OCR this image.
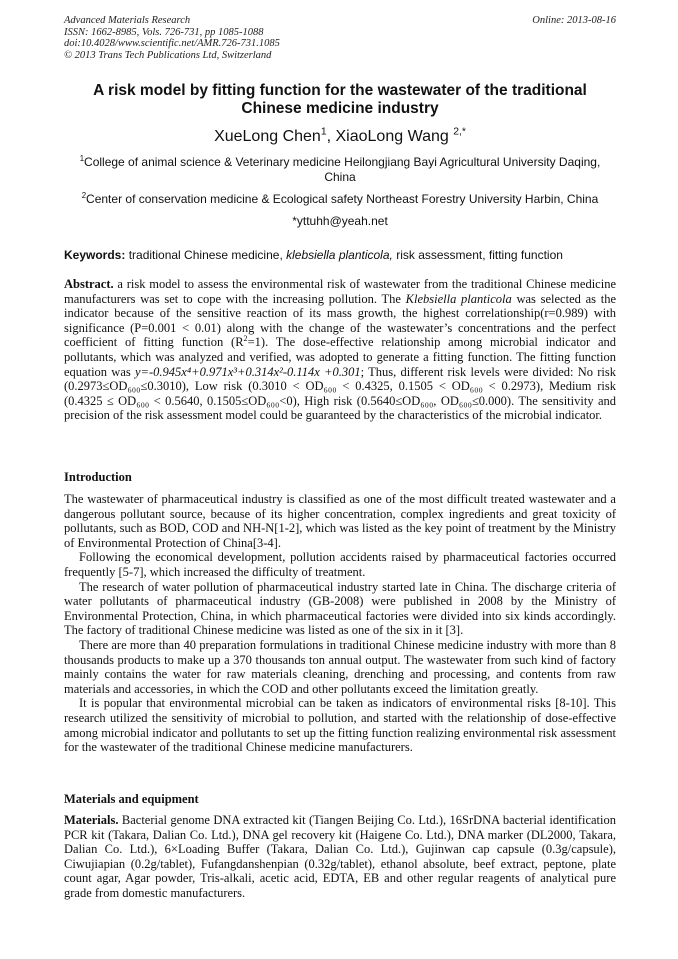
Advanced Materials Research
ISSN: 1662-8985, Vols. 726-731, pp 1085-1088
doi:10.4028/www.scientific.net/AMR.726-731.1085
© 2013 Trans Tech Publications Ltd, Switzerland
Online: 2013-08-16
A risk model by fitting function for the wastewater of the traditional
Chinese medicine industry
XueLong Chen$^1$, XiaoLong Wang $^{2,*}$
$^1$College of animal science & Veterinary medicine Heilongjiang Bayi Agricultural University Daqing,
China
$^2$Center of conservation medicine & Ecological safety Northeast Forestry University Harbin, China
*yttuhh@yeah.net
Keywords: traditional Chinese medicine, klebsiella planticola, risk assessment, fitting function

Abstract. a risk model to assess the environmental risk of wastewater from the traditional Chinese medicine manufacturers was set to cope with the increasing pollution. The Klebsiella planticola was selected as the indicator because of the sensitive reaction of its mass growth, the highest correlationship(r=0.989) with significance (P=0.001 < 0.01) along with the change of the wastewater’s concentrations and the perfect coefficient of fitting function $(R^2=1)$. The dose-effective relationship among microbial indicator and pollutants, which was analyzed and verified, was adopted to generate a fitting function. The fitting function equation was y=-0.945x⁴+0.971x³+0.314x²-0.114x +0.301; Thus, different risk levels were divided: No risk (0.2973≤OD₆₀₀≤0.3010), Low risk (0.3010 < OD₆₀₀ < 0.4325, 0.1505 < OD₆₀₀ < 0.2973), Medium risk (0.4325 ≤ OD₆₀₀ < 0.5640, 0.1505≤OD₆₀₀<0), High risk (0.5640≤OD₆₀₀, OD₆₀₀≤0.000). The sensitivity and precision of the risk assessment model could be guaranteed by the characteristics of the microbial indicator.

Introduction

The wastewater of pharmaceutical industry is classified as one of the most difficult treated wastewater and a dangerous pollutant source, because of its higher concentration, complex ingredients and great toxicity of pollutants, such as BOD, COD and NH-N[1-2], which was listed as the key point of treatment by the Ministry of Environmental Protection of China[3-4].

Following the economical development, pollution accidents raised by pharmaceutical factories occurred frequently [5-7], which increased the difficulty of treatment.

The research of water pollution of pharmaceutical industry started late in China. The discharge criteria of water pollutants of pharmaceutical industry (GB-2008) were published in 2008 by the Ministry of Environmental Protection, China, in which pharmaceutical factories were divided into six kinds accordingly. The factory of traditional Chinese medicine was listed as one of the six in it [3].

There are more than 40 preparation formulations in traditional Chinese medicine industry with more than 8 thousands products to make up a 370 thousands ton annual output. The wastewater from such kind of factory mainly contains the water for raw materials cleaning, drenching and processing, and contents from raw materials and accessories, in which the COD and other pollutants exceed the limitation greatly.

It is popular that environmental microbial can be taken as indicators of environmental risks [8-10]. This research utilized the sensitivity of microbial to pollution, and started with the relationship of dose-effective among microbial indicator and pollutants to set up the fitting function realizing environmental risk assessment for the wastewater of the traditional Chinese medicine manufacturers.

Materials and equipment

Materials. Bacterial genome DNA extracted kit (Tiangen Beijing Co. Ltd.), 16SrDNA bacterial identification PCR kit (Takara, Dalian Co. Ltd.), DNA gel recovery kit (Haigene Co. Ltd.), DNA marker (DL2000, Takara, Dalian Co. Ltd.), 6×Loading Buffer (Takara, Dalian Co. Ltd.), Gujinwan cap capsule (0.3g/capsule), Ciwujiapian (0.2g/tablet), Fufangdanshenpian (0.32g/tablet), ethanol absolute, beef extract, peptone, plate count agar, Agar powder, Tris-alkali, acetic acid, EDTA, EB and other regular reagents of analytical pure grade from domestic manufacturers.
